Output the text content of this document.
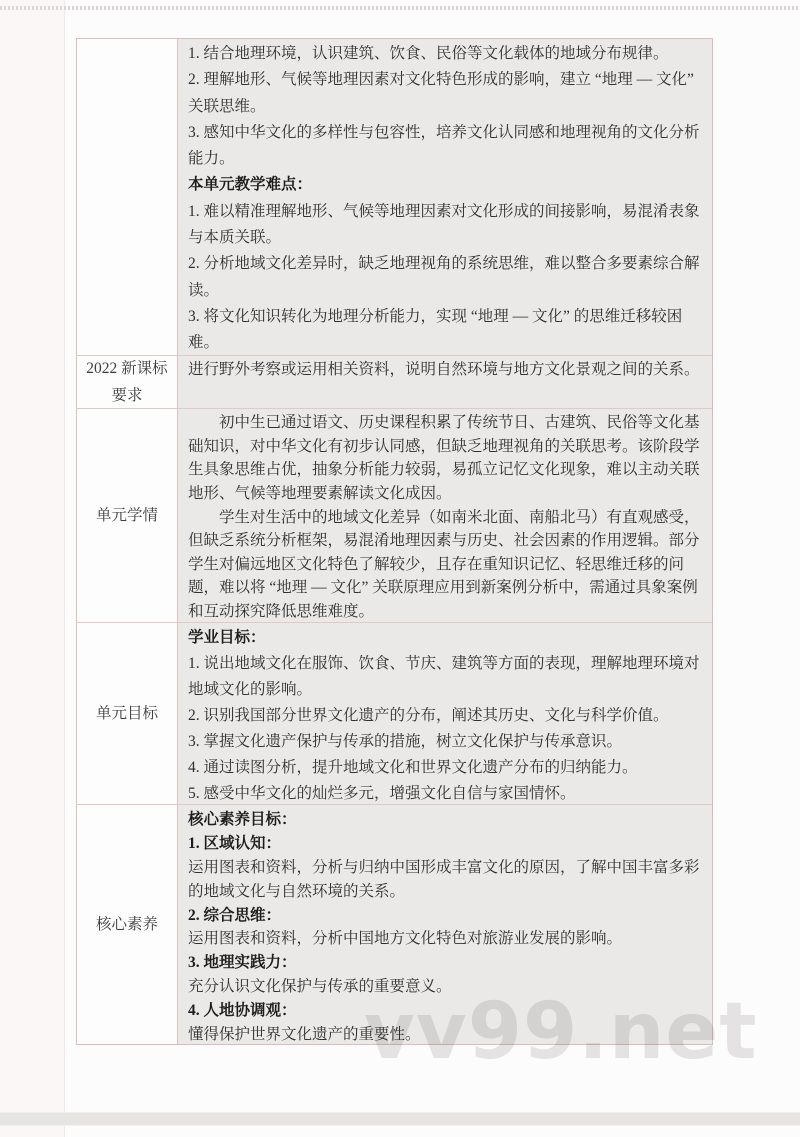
1. 结合地理环境，认识建筑、饮食、民俗等文化载体的地域分布规律。

2. 理解地形、气候等地理因素对文化特色形成的影响，建立 “地理 — 文化” 关联思维。

3. 感知中华文化的多样性与包容性，培养文化认同感和地理视角的文化分析能力。

本单元教学难点：

1. 难以精准理解地形、气候等地理因素对文化形成的间接影响，易混淆表象与本质关联。

2. 分析地域文化差异时，缺乏地理视角的系统思维，难以整合多要素综合解读。

3. 将文化知识转化为地理分析能力，实现 “地理 — 文化” 的思维迁移较困难。

2022 新课标
要求

进行野外考察或运用相关资料，说明自然环境与地方文化景观之间的关系。

单元学情

初中生已通过语文、历史课程积累了传统节日、古建筑、民俗等文化基础知识，对中华文化有初步认同感，但缺乏地理视角的关联思考。该阶段学生具象思维占优，抽象分析能力较弱，易孤立记忆文化现象，难以主动关联地形、气候等地理要素解读文化成因。

学生对生活中的地域文化差异（如南米北面、南船北马）有直观感受，但缺乏系统分析框架，易混淆地理因素与历史、社会因素的作用逻辑。部分学生对偏远地区文化特色了解较少，且存在重知识记忆、轻思维迁移的问题，难以将 “地理 — 文化” 关联原理应用到新案例分析中，需通过具象案例和互动探究降低思维难度。

单元目标

学业目标：

1. 说出地域文化在服饰、饮食、节庆、建筑等方面的表现，理解地理环境对地域文化的影响。

2. 识别我国部分世界文化遗产的分布，阐述其历史、文化与科学价值。

3. 掌握文化遗产保护与传承的措施，树立文化保护与传承意识。

4. 通过读图分析，提升地域文化和世界文化遗产分布的归纳能力。

5. 感受中华文化的灿烂多元，增强文化自信与家国情怀。

核心素养

核心素养目标：

1. 区域认知：

运用图表和资料，分析与归纳中国形成丰富文化的原因，了解中国丰富多彩的地域文化与自然环境的关系。

2. 综合思维：

运用图表和资料，分析中国地方文化特色对旅游业发展的影响。

3. 地理实践力：

充分认识文化保护与传承的重要意义。

4. 人地协调观：

懂得保护世界文化遗产的重要性。
